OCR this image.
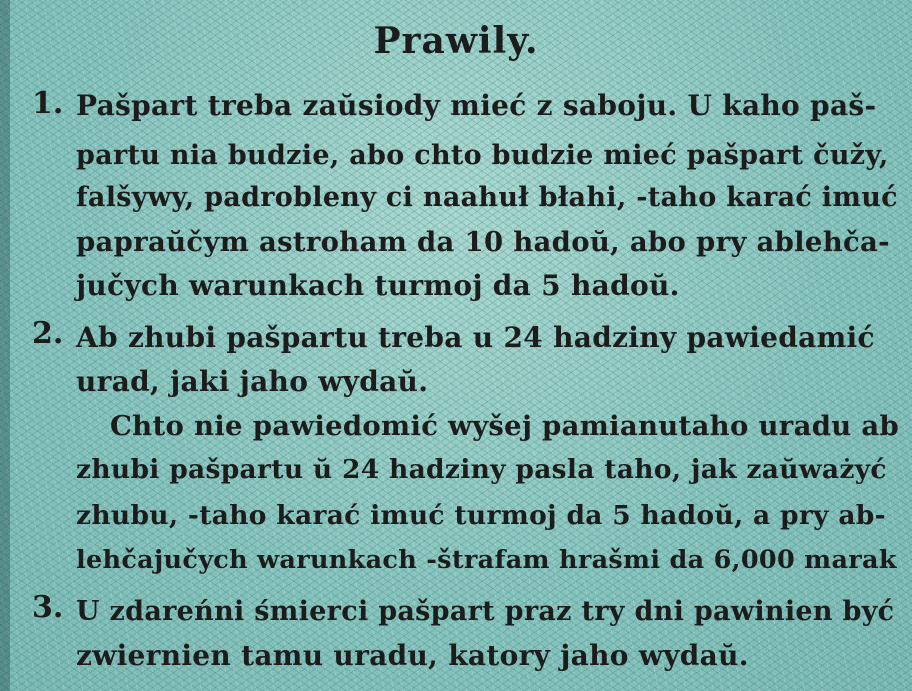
Prawily.
1. Pašpart treba zaŭsiody mieć z saboju. U kaho paš-
partu nia budzie, abo chto budzie mieć pašpart čužy,
falšywy, padrobleny ci naahuł błahi, -taho karać imuć
papraŭčym astroham da 10 hadoŭ, abo pry ablehča-
jučych warunkach turmoj da 5 hadoŭ.
2. Ab zhubi pašpartu treba u 24 hadziny pawiedamić
urad, jaki jaho wydaŭ.
Chto nie pawiedomić wyšej pamianutaho uradu ab
zhubi pašpartu ŭ 24 hadziny pasla taho, jak zaŭważyć
zhubu, -taho karać imuć turmoj da 5 hadoŭ, a pry ab-
lehčajučych warunkach -štrafam hrašmi da 6,000 marak
3. U zdareńni śmierci pašpart praz try dni pawinien być
zwiernien tamu uradu, katory jaho wydaŭ.
